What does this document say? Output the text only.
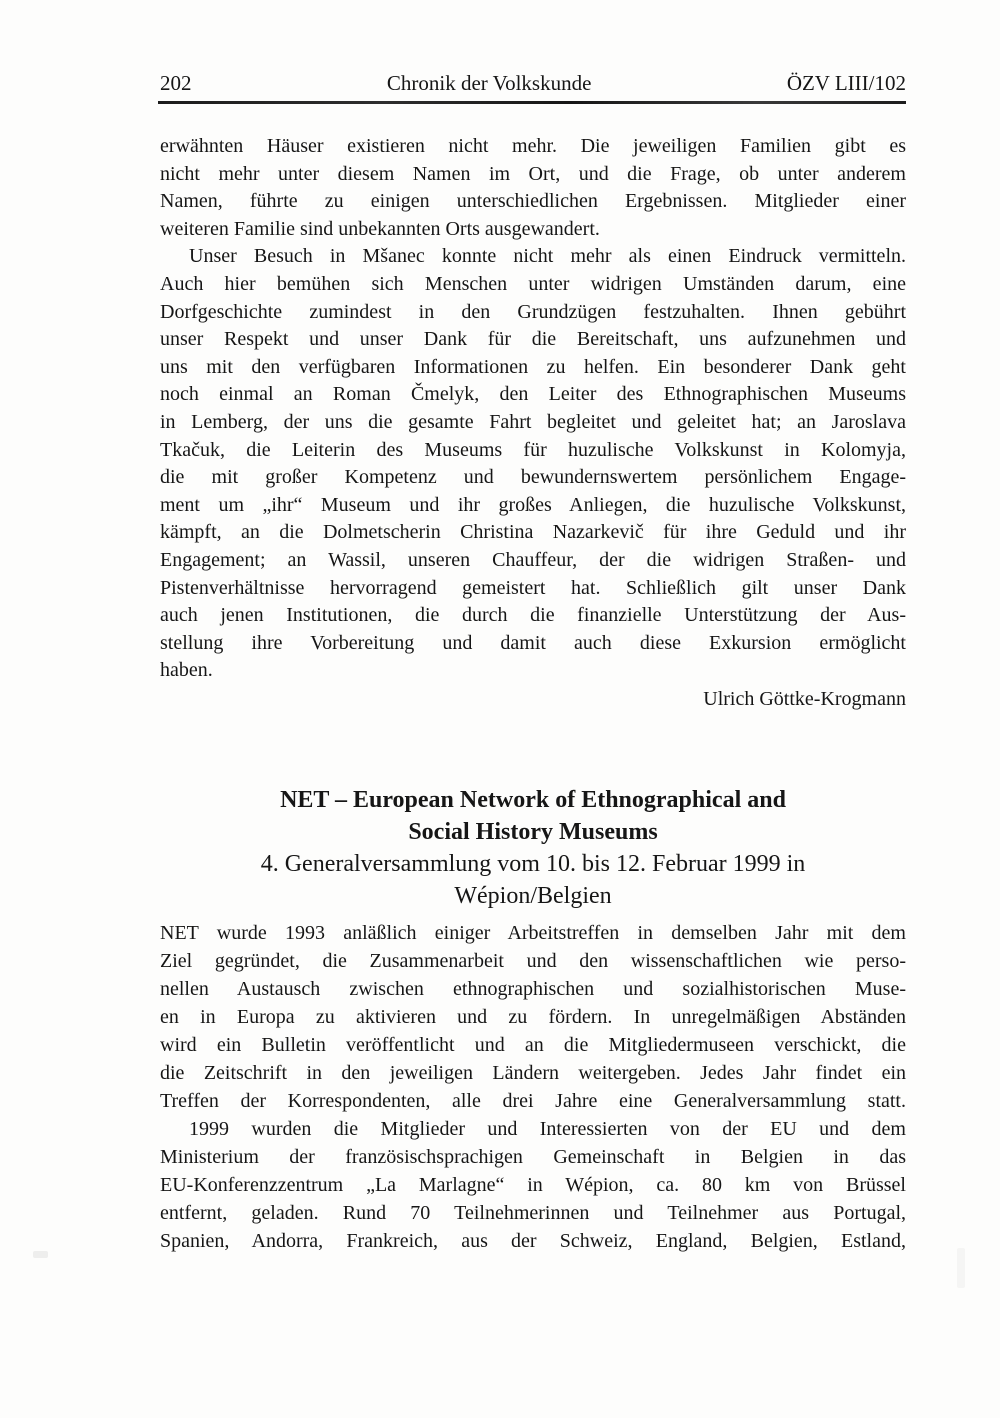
202	Chronik der Volkskunde	ÖZV LIII/102
erwähnten Häuser existieren nicht mehr. Die jeweiligen Familien gibt es
nicht mehr unter diesem Namen im Ort, und die Frage, ob unter anderem
Namen, führte zu einigen unterschiedlichen Ergebnissen. Mitglieder einer
weiteren Familie sind unbekannten Orts ausgewandert.
Unser Besuch in Mšanec konnte nicht mehr als einen Eindruck vermitteln.
Auch hier bemühen sich Menschen unter widrigen Umständen darum, eine
Dorfgeschichte zumindest in den Grundzügen festzuhalten. Ihnen gebührt
unser Respekt und unser Dank für die Bereitschaft, uns aufzunehmen und
uns mit den verfügbaren Informationen zu helfen. Ein besonderer Dank geht
noch einmal an Roman Čmelyk, den Leiter des Ethnographischen Museums
in Lemberg, der uns die gesamte Fahrt begleitet und geleitet hat; an Jaroslava
Tkačuk, die Leiterin des Museums für huzulische Volkskunst in Kolomyja,
die mit großer Kompetenz und bewundernswertem persönlichem Engage-
ment um „ihr“ Museum und ihr großes Anliegen, die huzulische Volkskunst,
kämpft, an die Dolmetscherin Christina Nazarkevič für ihre Geduld und ihr
Engagement; an Wassil, unseren Chauffeur, der die widrigen Straßen- und
Pistenverhältnisse hervorragend gemeistert hat. Schließlich gilt unser Dank
auch jenen Institutionen, die durch die finanzielle Unterstützung der Aus-
stellung ihre Vorbereitung und damit auch diese Exkursion ermöglicht
haben.
Ulrich Göttke-Krogmann
NET – European Network of Ethnographical and
Social History Museums
4. Generalversammlung vom 10. bis 12. Februar 1999 in
Wépion/Belgien
NET wurde 1993 anläßlich einiger Arbeitstreffen in demselben Jahr mit dem
Ziel gegründet, die Zusammenarbeit und den wissenschaftlichen wie perso-
nellen Austausch zwischen ethnographischen und sozialhistorischen Muse-
en in Europa zu aktivieren und zu fördern. In unregelmäßigen Abständen
wird ein Bulletin veröffentlicht und an die Mitgliedermuseen verschickt, die
die Zeitschrift in den jeweiligen Ländern weitergeben. Jedes Jahr findet ein
Treffen der Korrespondenten, alle drei Jahre eine Generalversammlung statt.
1999 wurden die Mitglieder und Interessierten von der EU und dem
Ministerium der französischsprachigen Gemeinschaft in Belgien in das
EU-Konferenzzentrum „La Marlagne“ in Wépion, ca. 80 km von Brüssel
entfernt, geladen. Rund 70 Teilnehmerinnen und Teilnehmer aus Portugal,
Spanien, Andorra, Frankreich, aus der Schweiz, England, Belgien, Estland,
